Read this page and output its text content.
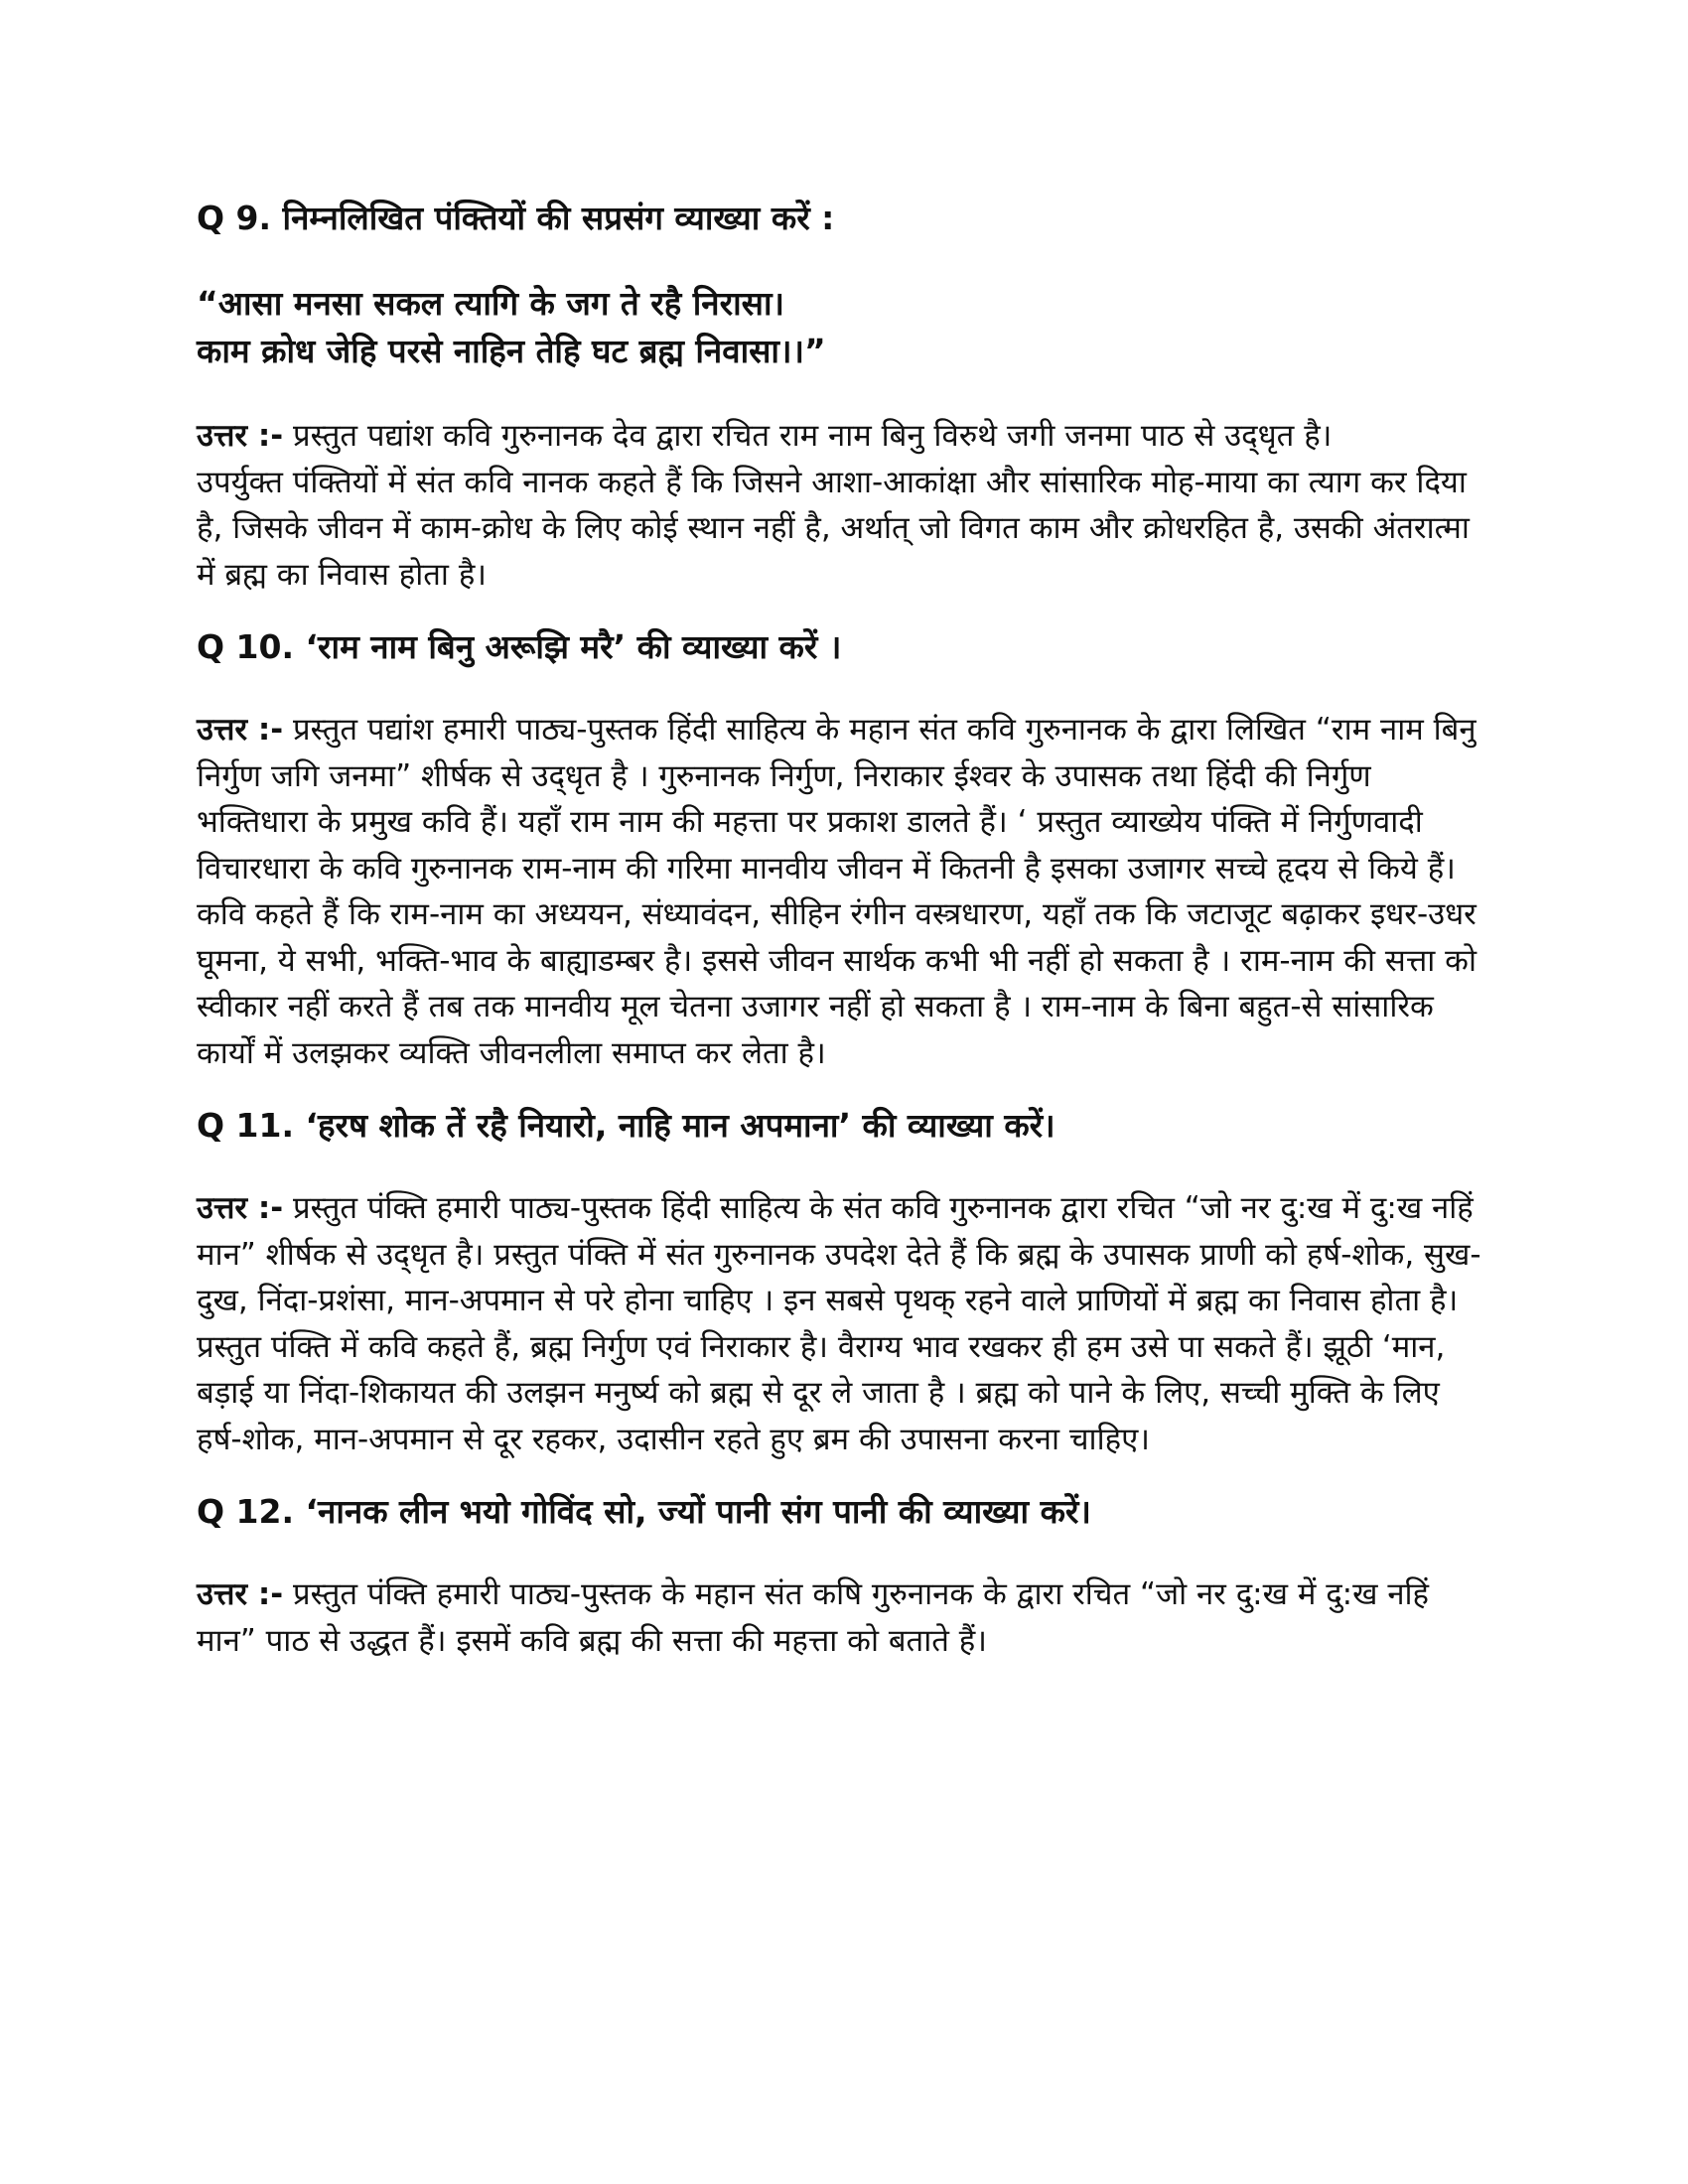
Q 9. निम्नलिखित पंक्तियों की सप्रसंग व्याख्या करें :

“आसा मनसा सकल त्यागि के जग ते रहै निरासा।

काम क्रोध जेहि परसे नाहिन तेहि घट ब्रह्म निवासा।।”

उत्तर :- प्रस्तुत पद्यांश कवि गुरुनानक देव द्वारा रचित राम नाम बिनु विरुथे जगी जनमा पाठ से उद्‌धृत है।

उपर्युक्त पंक्तियों में संत कवि नानक कहते हैं कि जिसने आशा-आकांक्षा और सांसारिक मोह-माया का त्याग कर दिया है, जिसके जीवन में काम-क्रोध के लिए कोई स्थान नहीं है, अर्थात् जो विगत काम और क्रोधरहित है, उसकी अंतरात्मा में ब्रह्म का निवास होता है।

Q 10. ‘राम नाम बिनु अरूझि मरै’ की व्याख्या करें ।

उत्तर :- प्रस्तुत पद्यांश हमारी पाठ्य-पुस्तक हिंदी साहित्य के महान संत कवि गुरुनानक के द्वारा लिखित “राम नाम बिनु निर्गुण जगि जनमा” शीर्षक से उद्‌धृत है । गुरुनानक निर्गुण, निराकार ईश्वर के उपासक तथा हिंदी की निर्गुण भक्तिधारा के प्रमुख कवि हैं। यहाँ राम नाम की महत्ता पर प्रकाश डालते हैं। ‘ प्रस्तुत व्याख्येय पंक्ति में निर्गुणवादी विचारधारा के कवि गुरुनानक राम-नाम की गरिमा मानवीय जीवन में कितनी है इसका उजागर सच्चे हृदय से किये हैं। कवि कहते हैं कि राम-नाम का अध्ययन, संध्यावंदन, सीहिन रंगीन वस्त्रधारण, यहाँ तक कि जटाजूट बढ़ाकर इधर-उधर घूमना, ये सभी, भक्ति-भाव के बाह्याडम्बर है। इससे जीवन सार्थक कभी भी नहीं हो सकता है । राम-नाम की सत्ता को स्वीकार नहीं करते हैं तब तक मानवीय मूल चेतना उजागर नहीं हो सकता है । राम-नाम के बिना बहुत-से सांसारिक कार्यों में उलझकर व्यक्ति जीवनलीला समाप्त कर लेता है।

Q 11. ‘हरष शोक तें रहै नियारो, नाहि मान अपमाना’ की व्याख्या करें।

उत्तर :- प्रस्तुत पंक्ति हमारी पाठ्य-पुस्तक हिंदी साहित्य के संत कवि गुरुनानक द्वारा रचित “जो नर दु:ख में दु:ख नहिं मान” शीर्षक से उद्‌धृत है। प्रस्तुत पंक्ति में संत गुरुनानक उपदेश देते हैं कि ब्रह्म के उपासक प्राणी को हर्ष-शोक, सुख-दुख, निंदा-प्रशंसा, मान-अपमान से परे होना चाहिए । इन सबसे पृथक् रहने वाले प्राणियों में ब्रह्म का निवास होता है।

प्रस्तुत पंक्ति में कवि कहते हैं, ब्रह्म निर्गुण एवं निराकार है। वैराग्य भाव रखकर ही हम उसे पा सकते हैं। झूठी ‘मान, बड़ाई या निंदा-शिकायत की उलझन मनुर्ष्य को ब्रह्म से दूर ले जाता है । ब्रह्म को पाने के लिए, सच्ची मुक्ति के लिए हर्ष-शोक, मान-अपमान से दूर रहकर, उदासीन रहते हुए ब्रम की उपासना करना चाहिए।

Q 12. ‘नानक लीन भयो गोविंद सो, ज्यों पानी संग पानी की व्याख्या करें।

उत्तर :- प्रस्तुत पंक्ति हमारी पाठ्य-पुस्तक के महान संत कषि गुरुनानक के द्वारा रचित “जो नर दु:ख में दु:ख नहिं मान” पाठ से उद्धत हैं। इसमें कवि ब्रह्म की सत्ता की महत्ता को बताते हैं।
